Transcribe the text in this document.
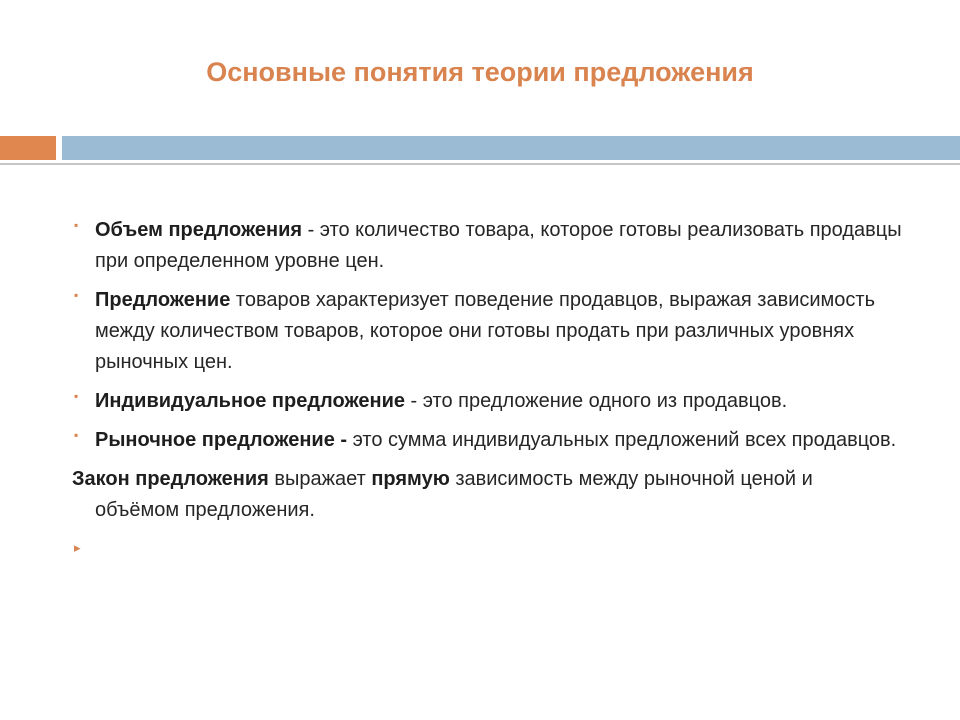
Основные понятия теории предложения
▪ Объем предложения - это количество товара, которое готовы реализовать продавцы при определенном уровне цен.
▪ Предложение товаров характеризует поведение продавцов, выражая зависимость между количеством товаров, которое они готовы продать при различных уровнях рыночных цен.
▪ Индивидуальное предложение - это предложение одного из продавцов.
▪ Рыночное предложение - это сумма индивидуальных предложений всех продавцов.
Закон предложения выражает прямую зависимость между рыночной ценой и объёмом предложения.
▸
